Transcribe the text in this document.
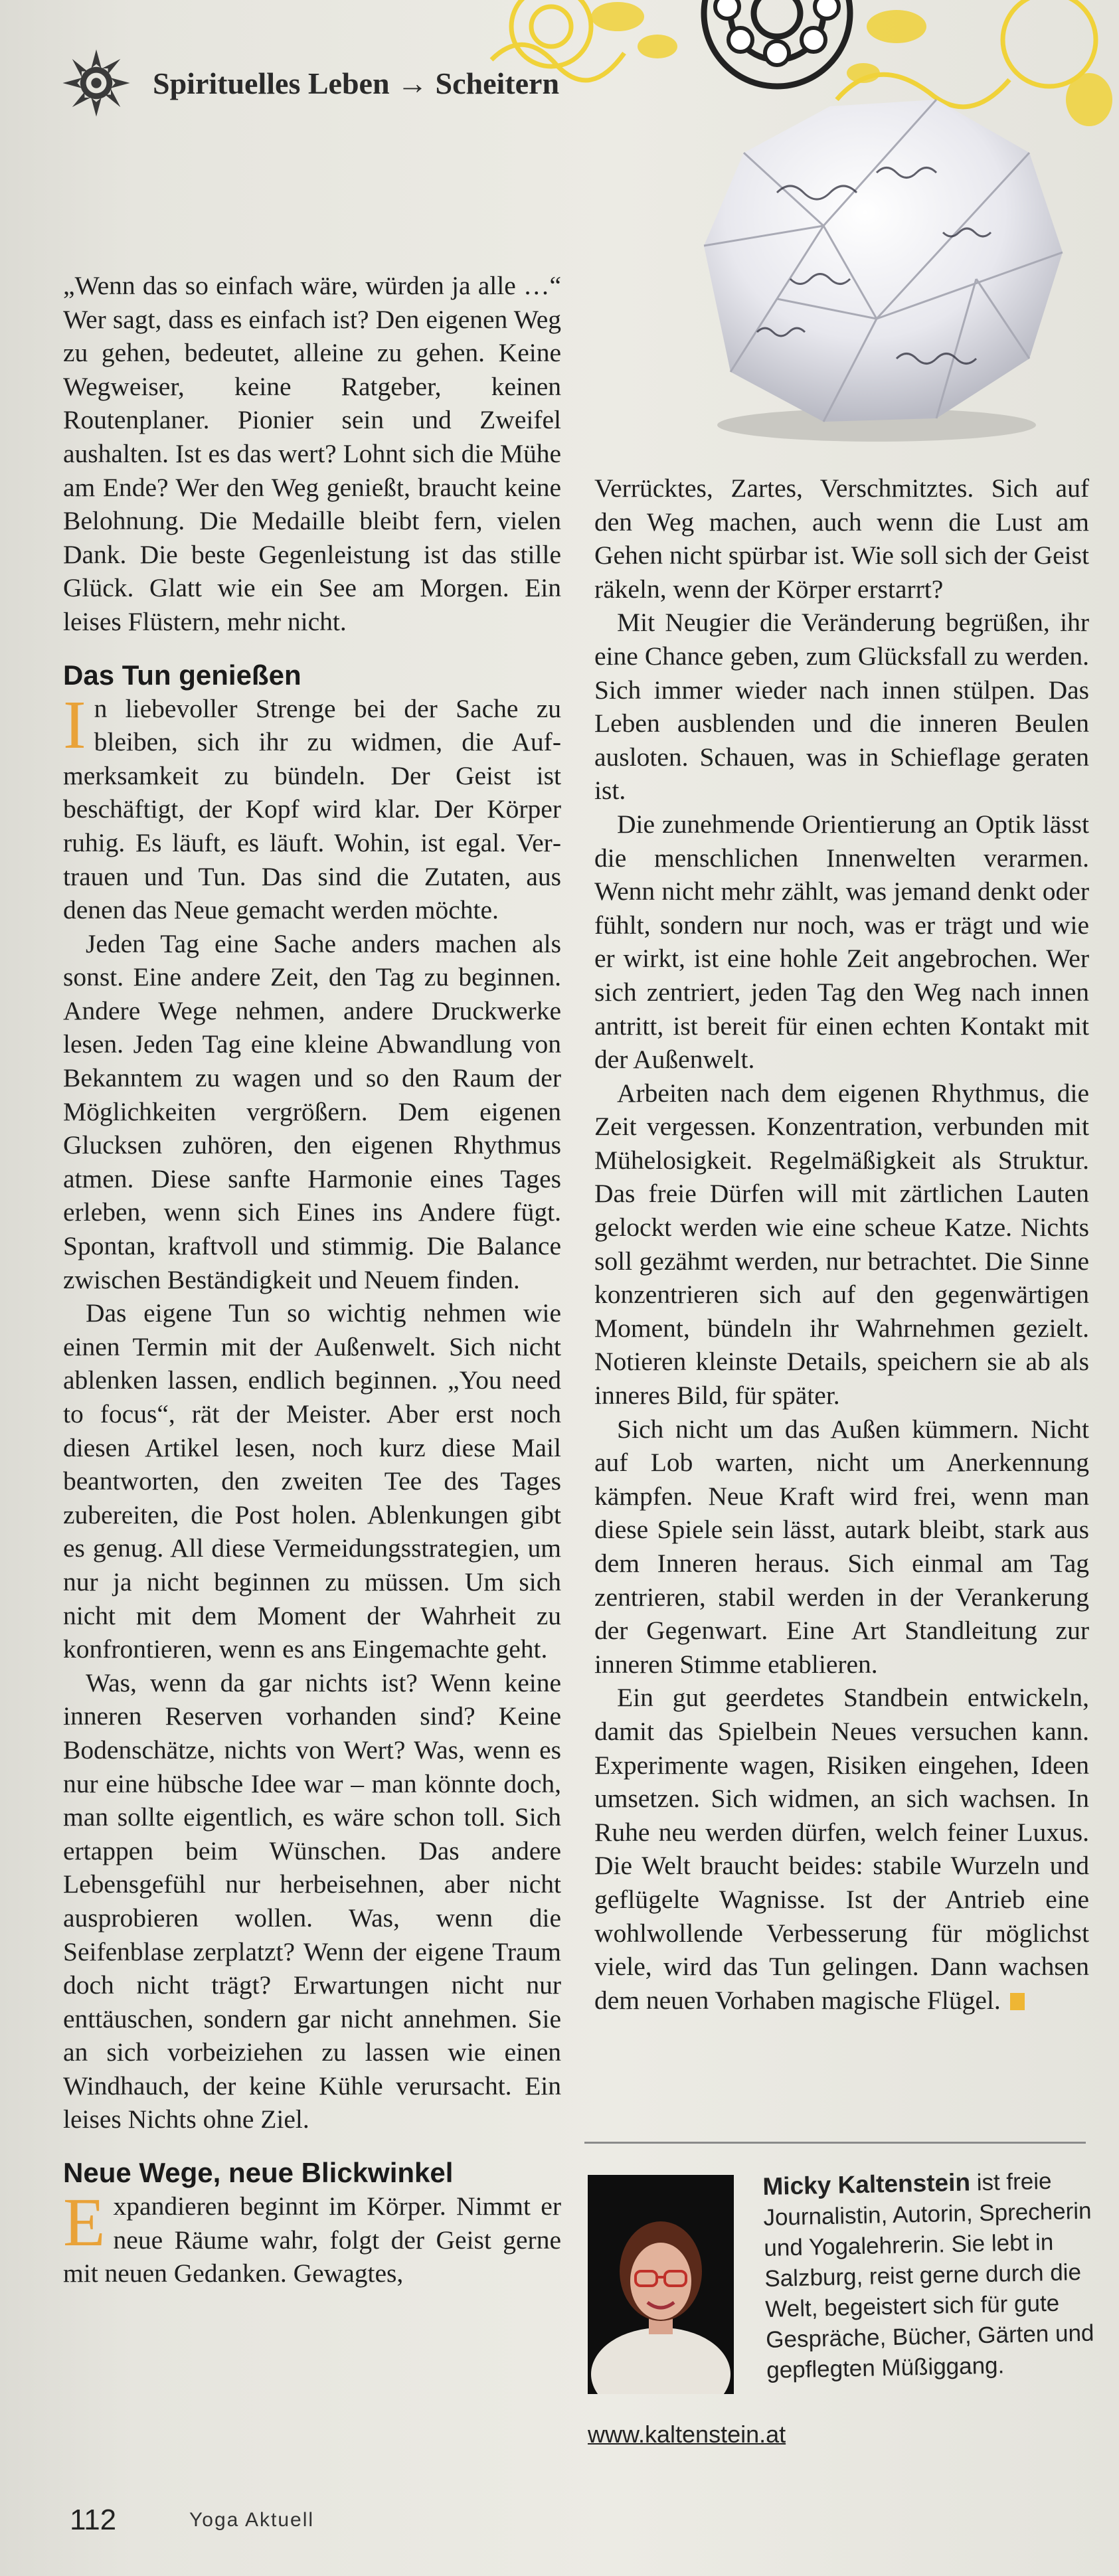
Spirituelles Leben → Scheitern

„Wenn das so einfach wäre, würden ja alle …“ Wer sagt, dass es einfach ist? Den eigenen Weg zu gehen, bedeutet, alleine zu gehen. Keine Wegweiser, keine Ratgeber, keinen Routenplaner. Pionier sein und Zweifel aushalten. Ist es das wert? Lohnt sich die Mühe am Ende? Wer den Weg genießt, braucht keine Belohnung. Die Medaille bleibt fern, vielen Dank. Die beste Gegenleistung ist das stille Glück. Glatt wie ein See am Morgen. Ein leises Flüstern, mehr nicht.

Das Tun genießen

In liebevoller Strenge bei der Sache zu bleiben, sich ihr zu widmen, die Aufmerksamkeit zu bündeln. Der Geist ist beschäftigt, der Kopf wird klar. Der Körper ruhig. Es läuft, es läuft. Wohin, ist egal. Vertrauen und Tun. Das sind die Zutaten, aus denen das Neue gemacht werden möchte.

Jeden Tag eine Sache anders machen als sonst. Eine andere Zeit, den Tag zu beginnen. Andere Wege nehmen, andere Druckwerke lesen. Jeden Tag eine kleine Abwandlung von Bekanntem zu wagen und so den Raum der Möglichkeiten vergrößern. Dem eigenen Glucksen zuhören, den eigenen Rhythmus atmen. Diese sanfte Harmonie eines Tages erleben, wenn sich Eines ins Andere fügt. Spontan, kraftvoll und stimmig. Die Balance zwischen Beständigkeit und Neuem finden.

Das eigene Tun so wichtig nehmen wie einen Termin mit der Außenwelt. Sich nicht ablenken lassen, endlich beginnen. „You need to focus“, rät der Meister. Aber erst noch diesen Artikel lesen, noch kurz diese Mail beantworten, den zweiten Tee des Tages zubereiten, die Post holen. Ablenkungen gibt es genug. All diese Vermeidungsstrategien, um nur ja nicht beginnen zu müssen. Um sich nicht mit dem Moment der Wahrheit zu konfrontieren, wenn es ans Eingemachte geht.

Was, wenn da gar nichts ist? Wenn keine inneren Reserven vorhanden sind? Keine Bodenschätze, nichts von Wert? Was, wenn es nur eine hübsche Idee war – man könnte doch, man sollte eigentlich, es wäre schon toll. Sich ertappen beim Wünschen. Das andere Lebensgefühl nur herbeisehnen, aber nicht ausprobieren wollen. Was, wenn die Seifenblase zerplatzt? Wenn der eigene Traum doch nicht trägt? Erwartungen nicht nur enttäuschen, sondern gar nicht annehmen. Sie an sich vorbeiziehen zu lassen wie einen Windhauch, der keine Kühle verursacht. Ein leises Nichts ohne Ziel.

Neue Wege, neue Blickwinkel

Expandieren beginnt im Körper. Nimmt er neue Räume wahr, folgt der Geist gerne mit neuen Gedanken. Gewagtes,

Verrücktes, Zartes, Verschmitztes. Sich auf den Weg machen, auch wenn die Lust am Gehen nicht spürbar ist. Wie soll sich der Geist räkeln, wenn der Körper erstarrt?

Mit Neugier die Veränderung begrüßen, ihr eine Chance geben, zum Glücksfall zu werden. Sich immer wieder nach innen stülpen. Das Leben ausblenden und die inneren Beulen ausloten. Schauen, was in Schieflage geraten ist.

Die zunehmende Orientierung an Optik lässt die menschlichen Innenwelten verarmen. Wenn nicht mehr zählt, was jemand denkt oder fühlt, sondern nur noch, was er trägt und wie er wirkt, ist eine hohle Zeit angebrochen. Wer sich zentriert, jeden Tag den Weg nach innen antritt, ist bereit für einen echten Kontakt mit der Außenwelt.

Arbeiten nach dem eigenen Rhythmus, die Zeit vergessen. Konzentration, verbunden mit Mühelosigkeit. Regelmäßigkeit als Struktur. Das freie Dürfen will mit zärtlichen Lauten gelockt werden wie eine scheue Katze. Nichts soll gezähmt werden, nur betrachtet. Die Sinne konzentrieren sich auf den gegenwärtigen Moment, bündeln ihr Wahrnehmen gezielt. Notieren kleinste Details, speichern sie ab als inneres Bild, für später.

Sich nicht um das Außen kümmern. Nicht auf Lob warten, nicht um Anerkennung kämpfen. Neue Kraft wird frei, wenn man diese Spiele sein lässt, autark bleibt, stark aus dem Inneren heraus. Sich einmal am Tag zentrieren, stabil werden in der Verankerung der Gegenwart. Eine Art Standleitung zur inneren Stimme etablieren.

Ein gut geerdetes Standbein entwickeln, damit das Spielbein Neues versuchen kann. Experimente wagen, Risiken eingehen, Ideen umsetzen. Sich widmen, an sich wachsen. In Ruhe neu werden dürfen, welch feiner Luxus. Die Welt braucht beides: stabile Wurzeln und geflügelte Wagnisse. Ist der Antrieb eine wohlwollende Verbesserung für möglichst viele, wird das Tun gelingen. Dann wachsen dem neuen Vorhaben magische Flügel.

Micky Kaltenstein ist freie Journalistin, Autorin, Sprecherin und Yogalehrerin. Sie lebt in Salzburg, reist gerne durch die Welt, begeistert sich für gute Gespräche, Bücher, Gärten und gepflegten Müßiggang.
www.kaltenstein.at
112	Yoga Aktuell
